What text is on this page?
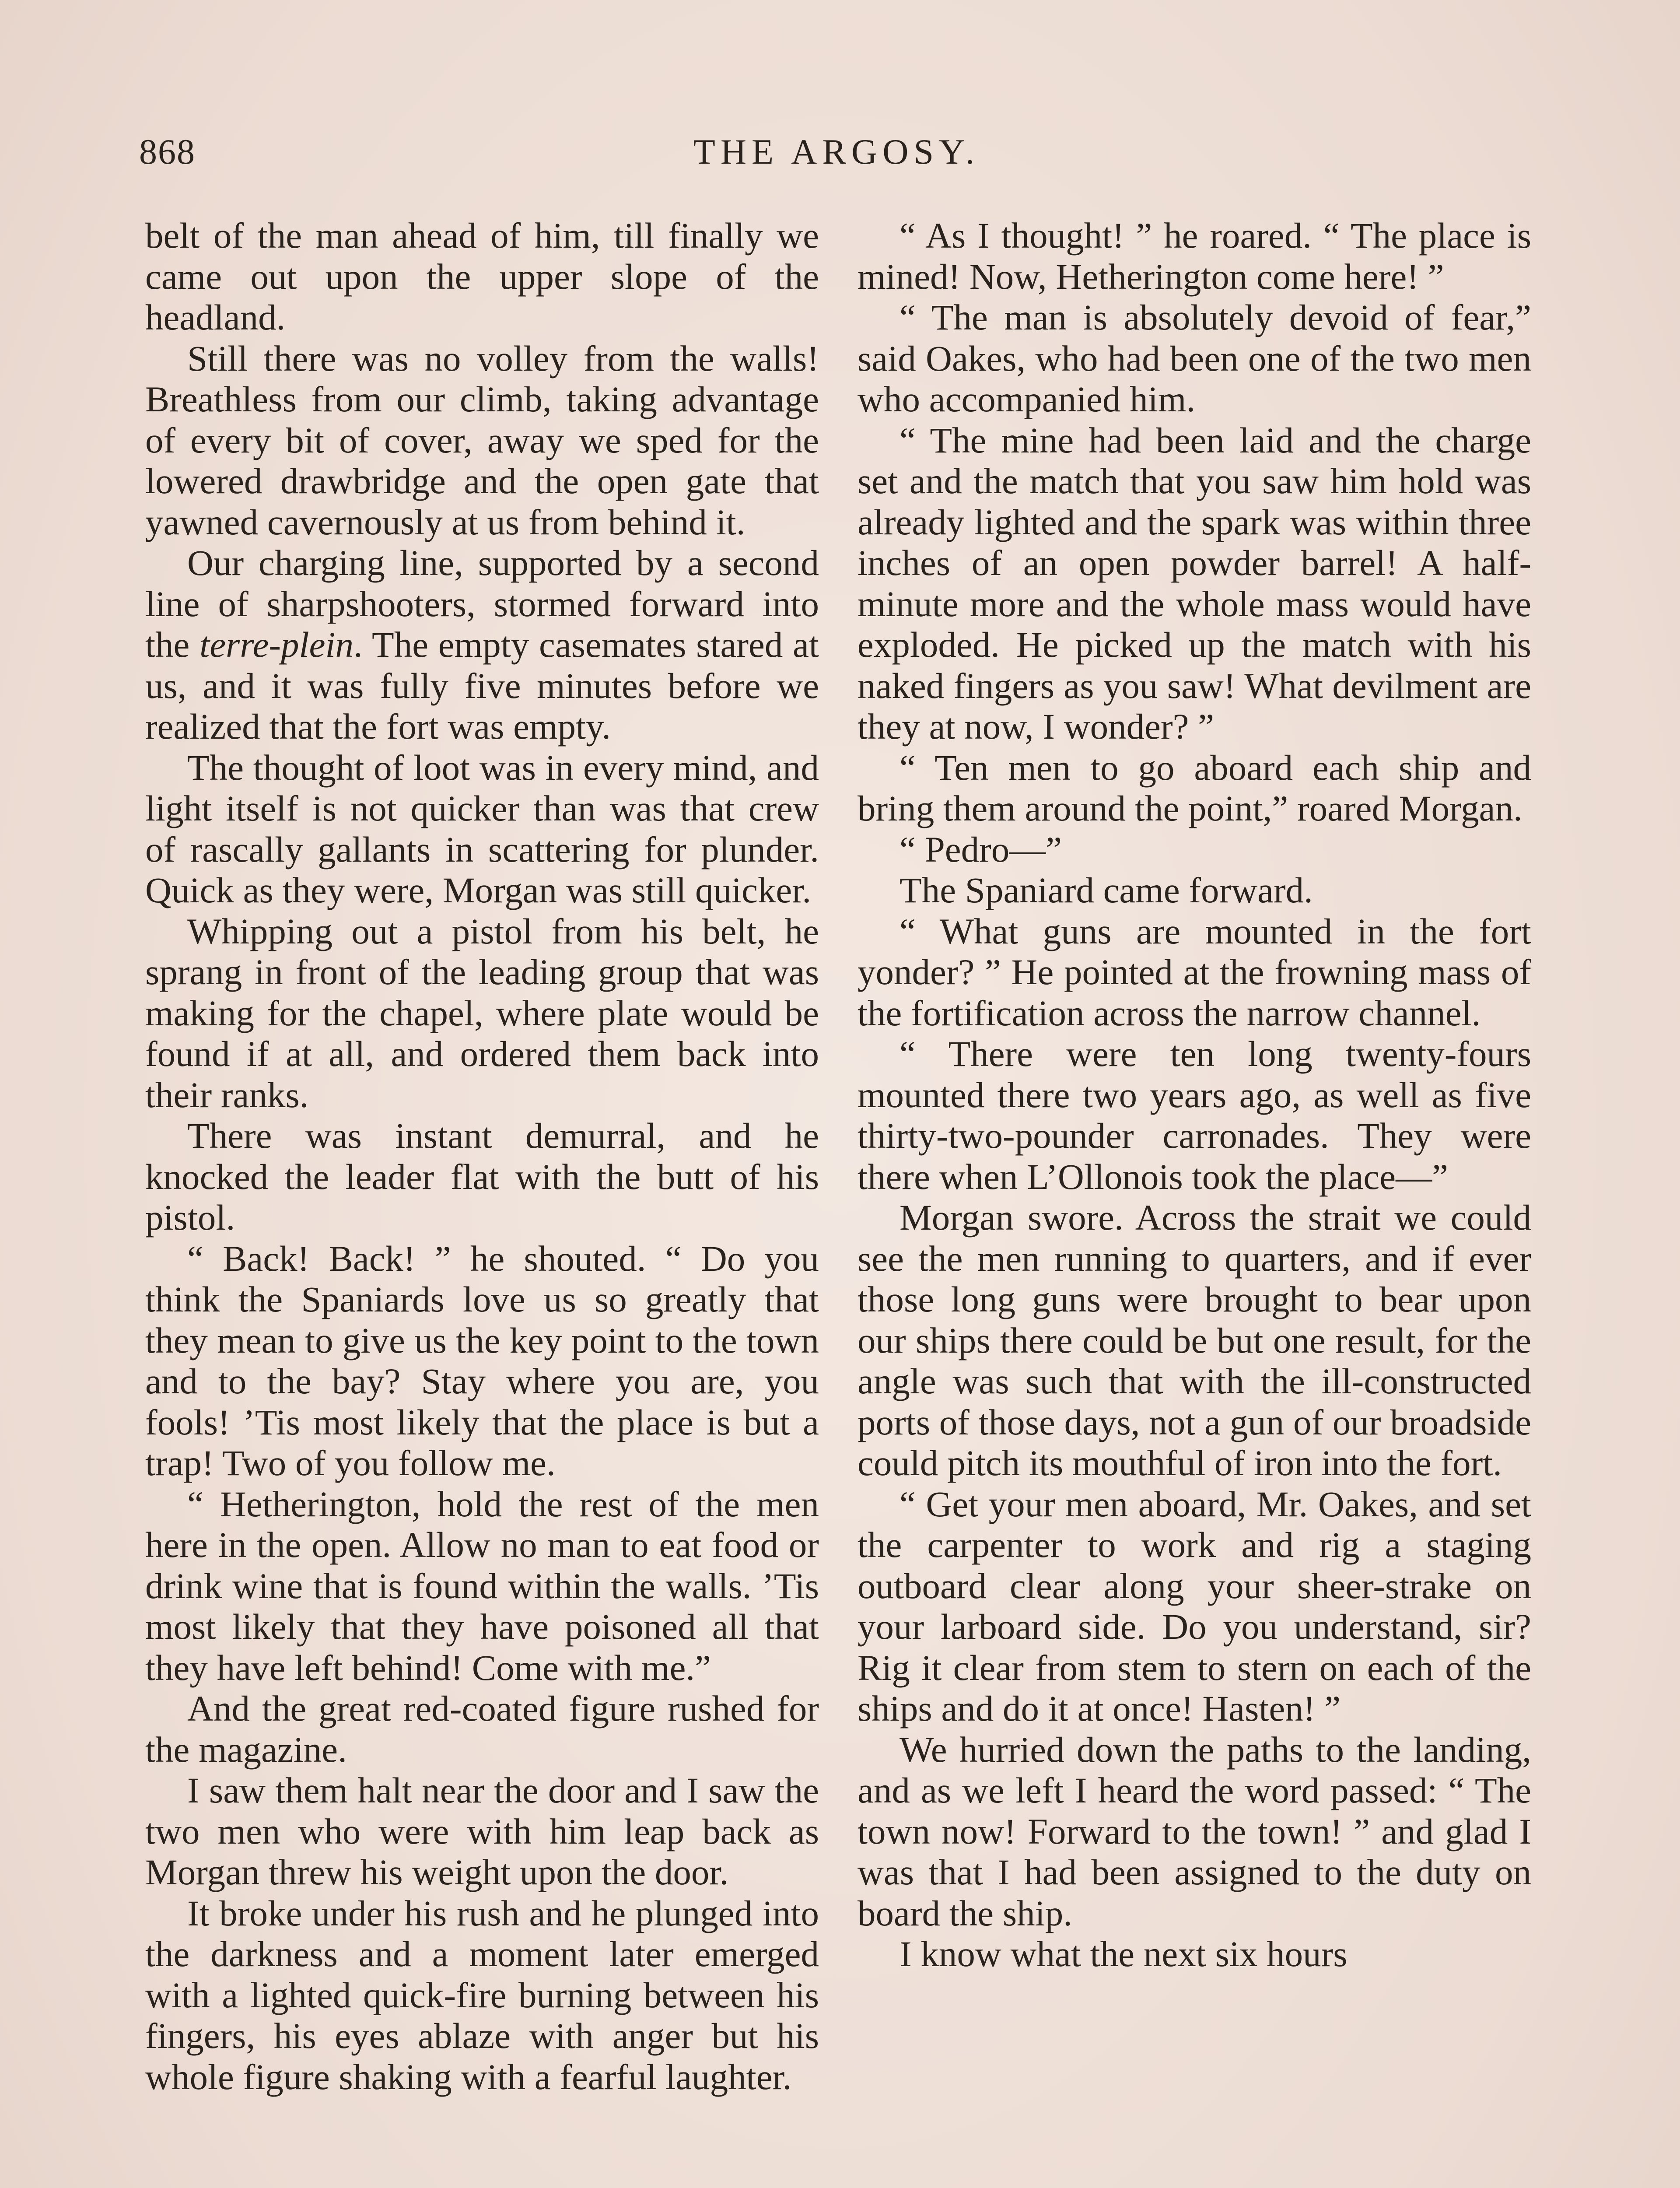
868	THE ARGOSY.

belt of the man ahead of him, till finally we came out upon the upper slope of the headland.

Still there was no volley from the walls! Breathless from our climb, taking advantage of every bit of cover, away we sped for the lowered drawbridge and the open gate that yawned cavernously at us from behind it.

Our charging line, supported by a second line of sharpshooters, stormed forward into the terre-plein. The empty casemates stared at us, and it was fully five minutes before we realized that the fort was empty.

The thought of loot was in every mind, and light itself is not quicker than was that crew of rascally gallants in scattering for plunder. Quick as they were, Morgan was still quicker.

Whipping out a pistol from his belt, he sprang in front of the leading group that was making for the chapel, where plate would be found if at all, and ordered them back into their ranks.

There was instant demurral, and he knocked the leader flat with the butt of his pistol.

“ Back! Back! ” he shouted. “ Do you think the Spaniards love us so greatly that they mean to give us the key point to the town and to the bay? Stay where you are, you fools! ’Tis most likely that the place is but a trap! Two of you follow me.

“ Hetherington, hold the rest of the men here in the open. Allow no man to eat food or drink wine that is found within the walls. ’Tis most likely that they have poisoned all that they have left behind! Come with me.”

And the great red-coated figure rushed for the magazine.

I saw them halt near the door and I saw the two men who were with him leap back as Morgan threw his weight upon the door.

It broke under his rush and he plunged into the darkness and a moment later emerged with a lighted quick-fire burning between his fingers, his eyes ablaze with anger but his whole figure shaking with a fearful laughter.

“ As I thought! ” he roared. “ The place is mined! Now, Hetherington come here! ”

“ The man is absolutely devoid of fear,” said Oakes, who had been one of the two men who accompanied him.

“ The mine had been laid and the charge set and the match that you saw him hold was already lighted and the spark was within three inches of an open powder barrel! A half-minute more and the whole mass would have exploded. He picked up the match with his naked fingers as you saw! What devilment are they at now, I wonder? ”

“ Ten men to go aboard each ship and bring them around the point,” roared Morgan.

“ Pedro—”

The Spaniard came forward.

“ What guns are mounted in the fort yonder? ” He pointed at the frowning mass of the fortification across the narrow channel.

“ There were ten long twenty-fours mounted there two years ago, as well as five thirty-two-pounder carronades. They were there when L’Ollonois took the place—”

Morgan swore. Across the strait we could see the men running to quarters, and if ever those long guns were brought to bear upon our ships there could be but one result, for the angle was such that with the ill-constructed ports of those days, not a gun of our broadside could pitch its mouthful of iron into the fort.

“ Get your men aboard, Mr. Oakes, and set the carpenter to work and rig a staging outboard clear along your sheer-strake on your larboard side. Do you understand, sir? Rig it clear from stem to stern on each of the ships and do it at once! Hasten! ”

We hurried down the paths to the landing, and as we left I heard the word passed: “ The town now! Forward to the town! ” and glad I was that I had been assigned to the duty on board the ship.

I know what the next six hours
